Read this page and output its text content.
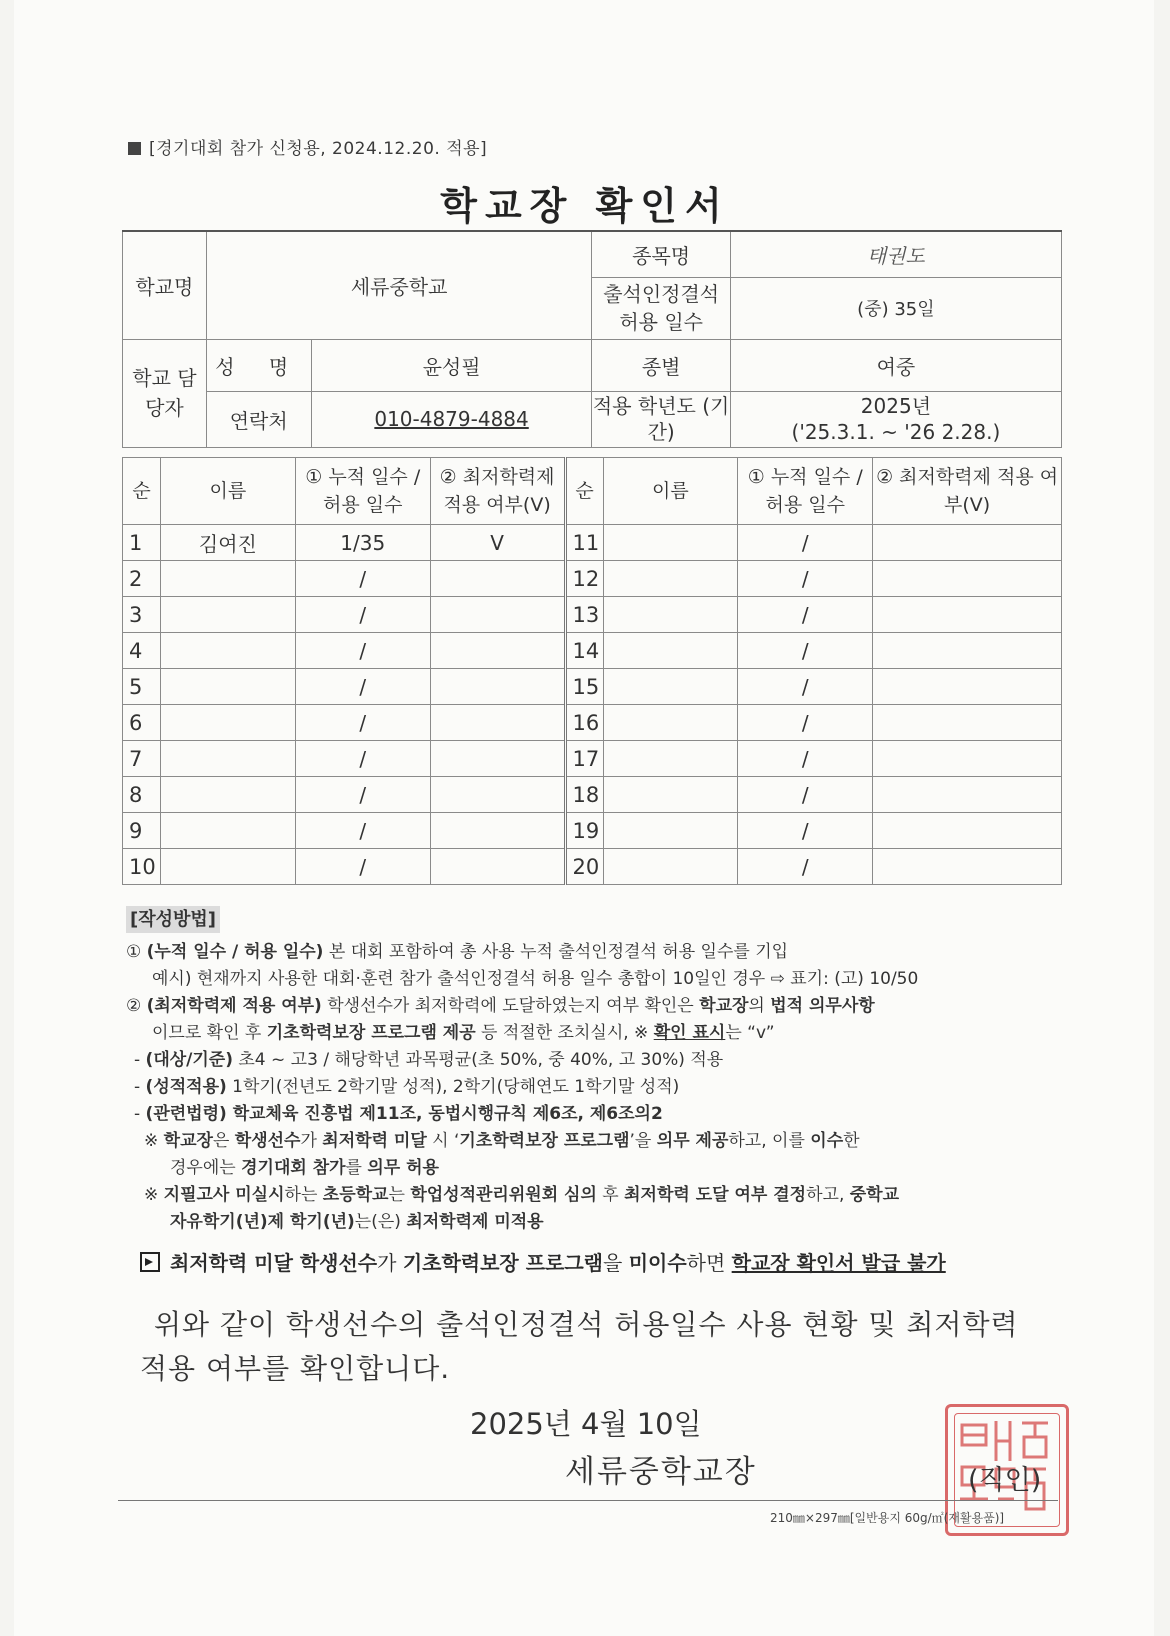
[경기대회 참가 신청용, 2024.12.20. 적용]
학교장 확인서
학교명	세류중학교		종목명	태권도
			출석인정결석 허용 일수	(중) 35일
학교 담당자	성 명	윤성필	종별	여중
	연락처	010-4879-4884	적용 학년도 (기간)	2025년
('25.3.1. ~ '26 2.28.)
순	이름	① 누적 일수 / 허용 일수	② 최저학력제 적용 여부(V)	순	이름	① 누적 일수 / 허용 일수	② 최저학력제 적용 여부(V)
1	김여진	1/35	V	11		/	
2		/		12		/	
3		/		13		/	
4		/		14		/	
5		/		15		/	
6		/		16		/	
7		/		17		/	
8		/		18		/	
9		/		19		/	
10		/		20		/	
[작성방법]
① (누적 일수 / 허용 일수) 본 대회 포함하여 총 사용 누적 출석인정결석 허용 일수를 기입
예시) 현재까지 사용한 대회·훈련 참가 출석인정결석 허용 일수 총합이 10일인 경우 ⇨ 표기: (고) 10/50
② (최저학력제 적용 여부) 학생선수가 최저학력에 도달하였는지 여부 확인은 학교장의 법적 의무사항
이므로 확인 후 기초학력보장 프로그램 제공 등 적절한 조치실시, ※ 확인 표시는 “v”
- (대상/기준) 초4 ~ 고3 / 해당학년 과목평균(초 50%, 중 40%, 고 30%) 적용
- (성적적용) 1학기(전년도 2학기말 성적), 2학기(당해연도 1학기말 성적)
- (관련법령) 학교체육 진흥법 제11조, 동법시행규칙 제6조, 제6조의2
※ 학교장은 학생선수가 최저학력 미달 시 ‘기초학력보장 프로그램’을 의무 제공하고, 이를 이수한
경우에는 경기대회 참가를 의무 허용
※ 지필고사 미실시하는 초등학교는 학업성적관리위원회 심의 후 최저학력 도달 여부 결정하고, 중학교
자유학기(년)제 학기(년)는(은) 최저학력제 미적용
최저학력 미달 학생선수가 기초학력보장 프로그램을 미이수하면 학교장 확인서 발급 불가
위와 같이 학생선수의 출석인정결석 허용일수 사용 현황 및 최저학력
적용 여부를 확인합니다.
2025년 4월 10일
세류중학교장	(직인)
210㎜×297㎜[일반용지 60g/㎡(재활용품)]
